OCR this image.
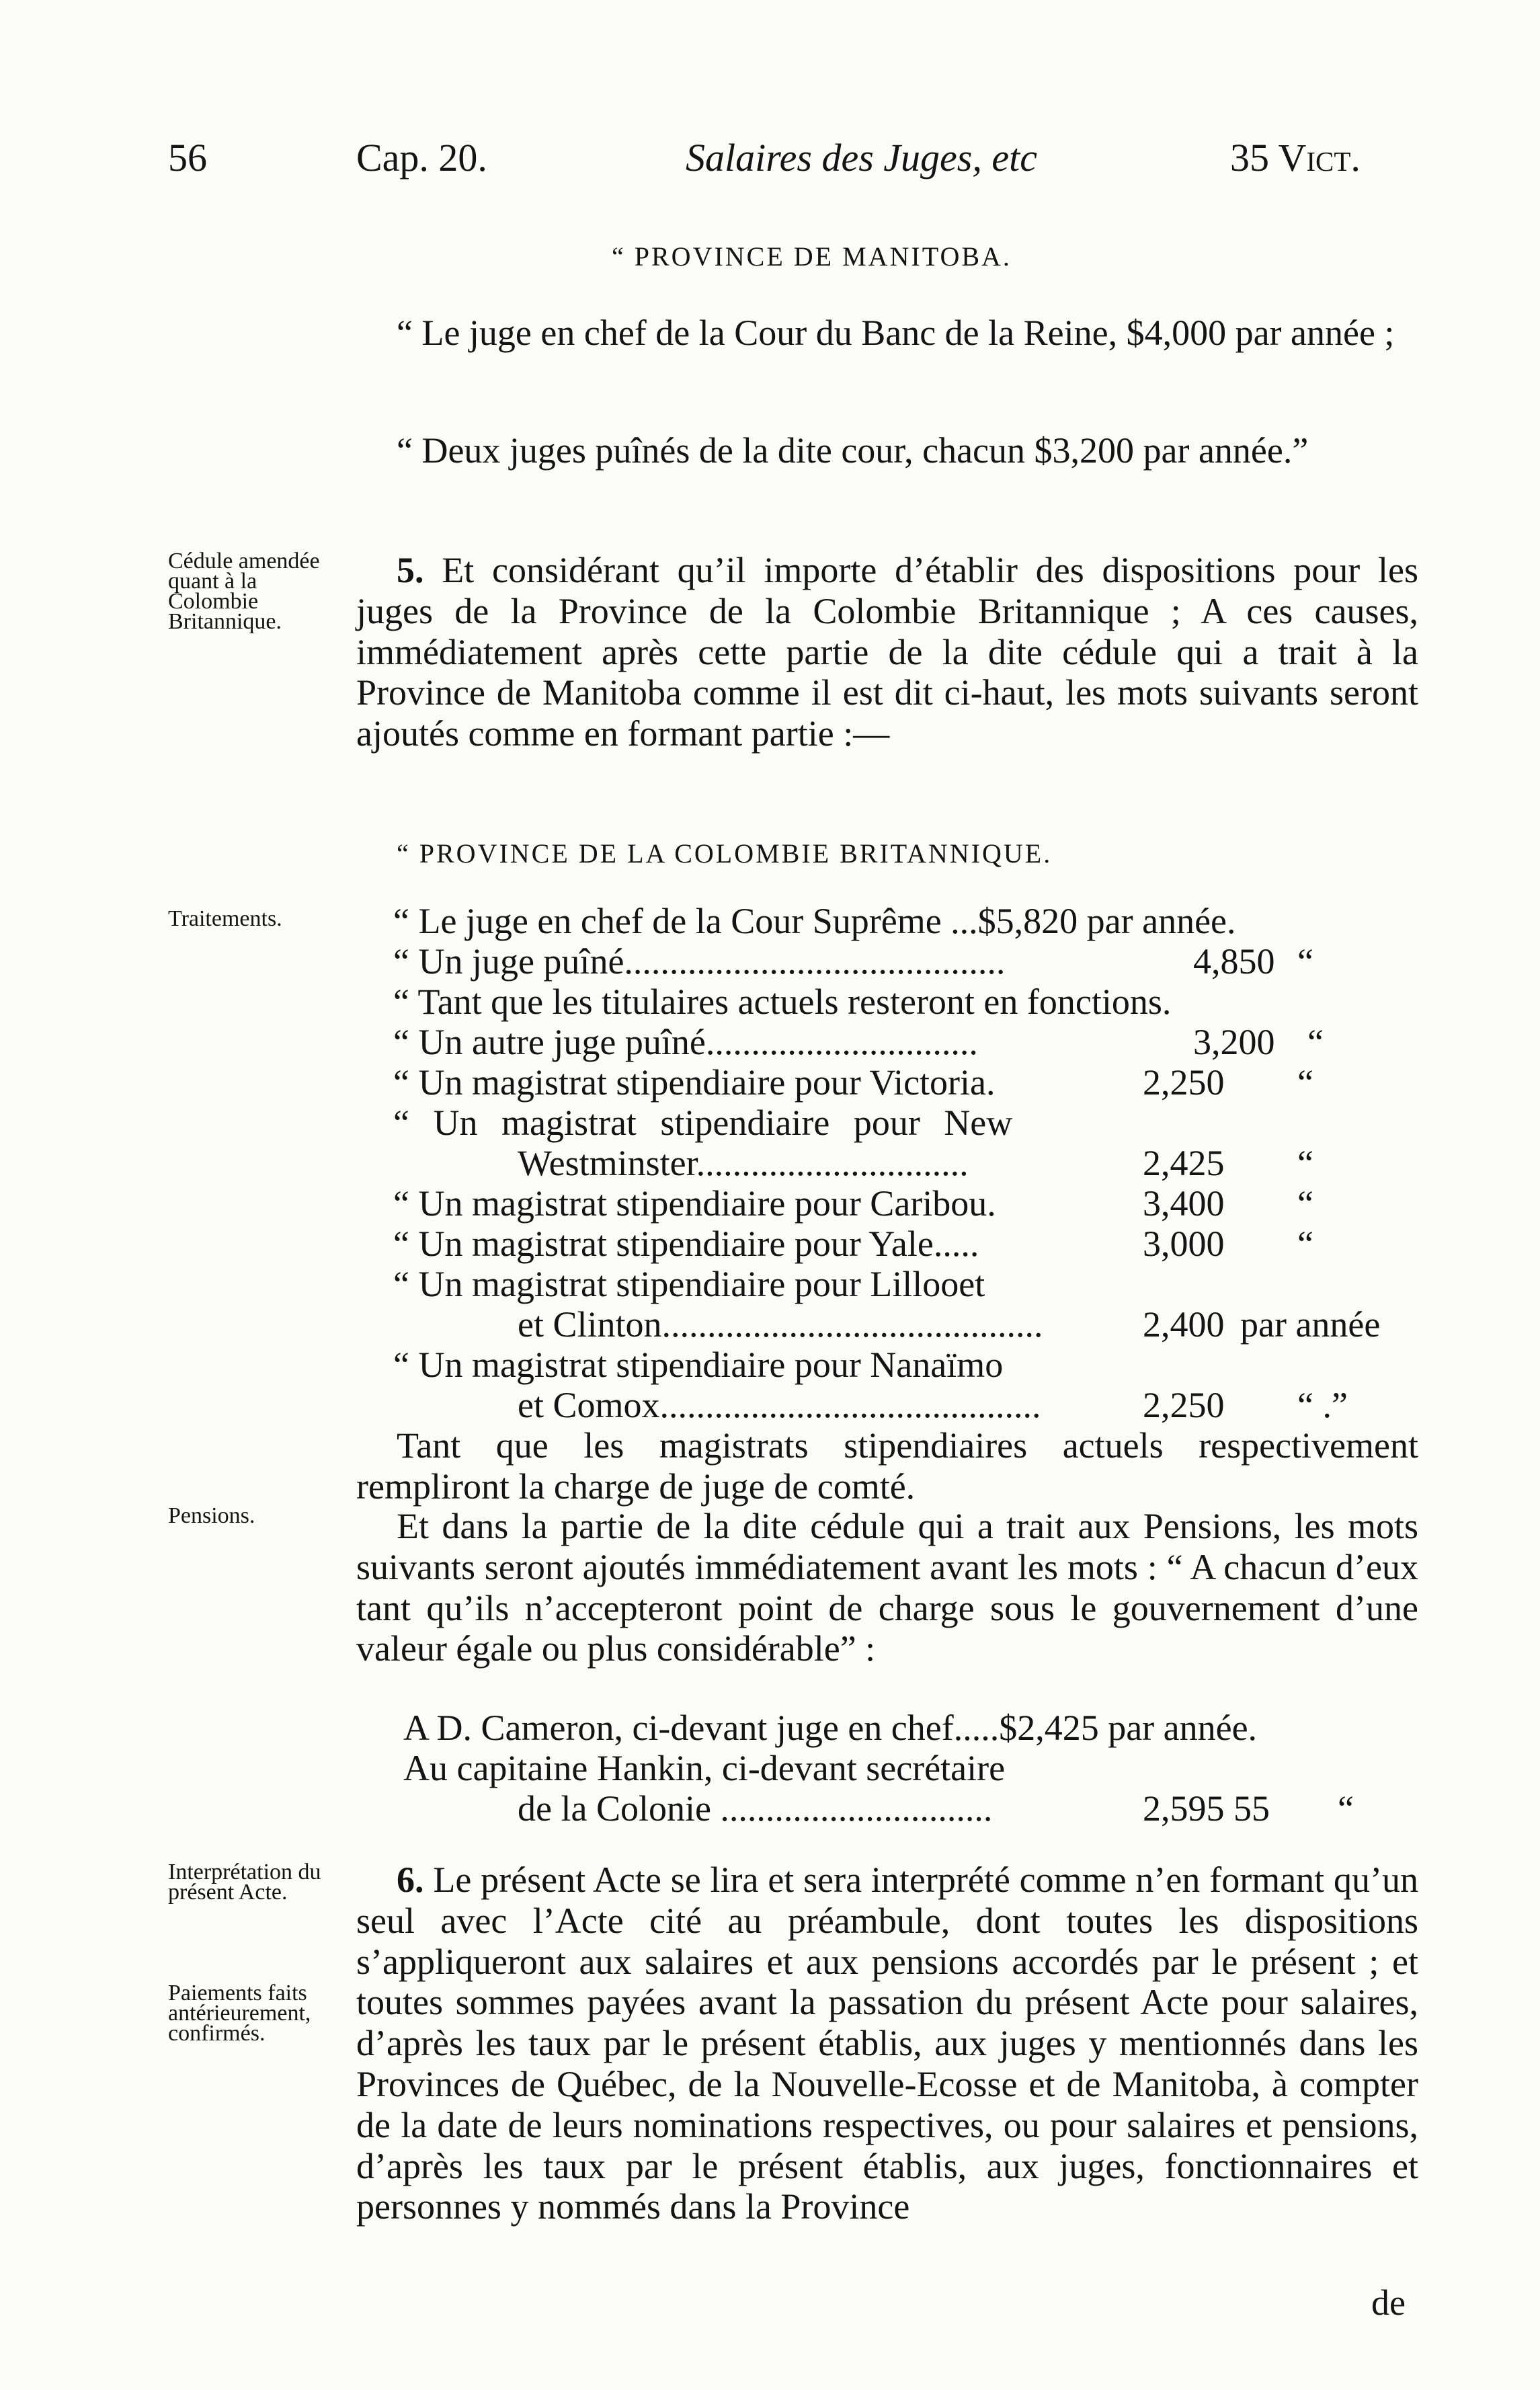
56	Cap. 20.	Salaires des Juges, etc	35 Vict.
“ PROVINCE DE MANITOBA.

“ Le juge en chef de la Cour du Banc de la Reine, $4,000 par année ;

“ Deux juges puînés de la dite cour, chacun $3,200 par année.”

Cédule amendée quant à la Colombie Britannique.

5. Et considérant qu’il importe d’établir des dispositions pour les juges de la Province de la Colombie Britannique ; A ces causes, immédiatement après cette partie de la dite cédule qui a trait à la Province de Manitoba comme il est dit ci-haut, les mots suivants seront ajoutés comme en formant partie :—

“ PROVINCE DE LA COLOMBIE BRITANNIQUE.
Traitements.	“ Le juge en chef de la Cour Suprême ...$5,820 par année.
“ Un juge puîné..........................................	4,850 “
“ Tant que les titulaires actuels resteront en fonctions.
“ Un autre juge puîné..............................	3,200 “
“ Un magistrat stipendiaire pour Victoria.	2,250 “
“ Un magistrat stipendiaire pour New
Westminster..............................	2,425 “
“ Un magistrat stipendiaire pour Caribou.	3,400 “
“ Un magistrat stipendiaire pour Yale.....	3,000 “
“ Un magistrat stipendiaire pour Lillooet
et Clinton..........................................	2,400 par année
“ Un magistrat stipendiaire pour Nanaïmo
et Comox..........................................	2,250 “ .”

Tant que les magistrats stipendiaires actuels respectivement rempliront la charge de juge de comté.

Pensions.	Et dans la partie de la dite cédule qui a trait aux Pensions, les mots suivants seront ajoutés immédiatement avant les mots : “ A chacun d’eux tant qu’ils n’accepteront point de charge sous le gouvernement d’une valeur égale ou plus considérable” :

A D. Cameron, ci-devant juge en chef.....$2,425 par année.
Au capitaine Hankin, ci-devant secrétaire
de la Colonie ..............................	2,595 55 “
Interprétation du présent Acte.
Paiements faits antérieurement, confirmés.

6. Le présent Acte se lira et sera interprété comme n’en formant qu’un seul avec l’Acte cité au préambule, dont toutes les dispositions s’appliqueront aux salaires et aux pensions accordés par le présent ; et toutes sommes payées avant la passation du présent Acte pour salaires, d’après les taux par le présent établis, aux juges y mentionnés dans les Provinces de Québec, de la Nouvelle-Ecosse et de Manitoba, à compter de la date de leurs nominations respectives, ou pour salaires et pensions, d’après les taux par le présent établis, aux juges, fonctionnaires et personnes y nommés dans la Province

de
